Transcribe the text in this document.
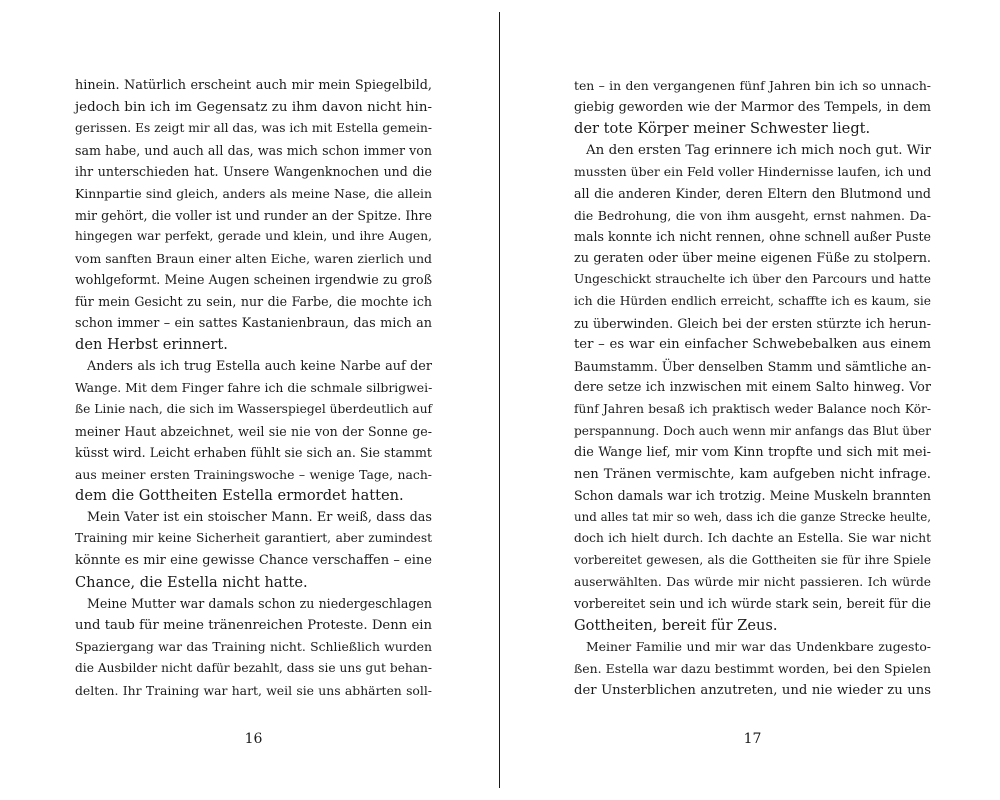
hinein. Natürlich erscheint auch mir mein Spiegelbild,
jedoch bin ich im Gegensatz zu ihm davon nicht hin-
gerissen. Es zeigt mir all das, was ich mit Estella gemein-
sam habe, und auch all das, was mich schon immer von
ihr unterschieden hat. Unsere Wangenknochen und die
Kinnpartie sind gleich, anders als meine Nase, die allein
mir gehört, die voller ist und runder an der Spitze. Ihre
hingegen war perfekt, gerade und klein, und ihre Augen,
vom sanften Braun einer alten Eiche, waren zierlich und
wohlgeformt. Meine Augen scheinen irgendwie zu groß
für mein Gesicht zu sein, nur die Farbe, die mochte ich
schon immer – ein sattes Kastanienbraun, das mich an
den Herbst erinnert.
Anders als ich trug Estella auch keine Narbe auf der
Wange. Mit dem Finger fahre ich die schmale silbrigwei-
ße Linie nach, die sich im Wasserspiegel überdeutlich auf
meiner Haut abzeichnet, weil sie nie von der Sonne ge-
küsst wird. Leicht erhaben fühlt sie sich an. Sie stammt
aus meiner ersten Trainingswoche – wenige Tage, nach-
dem die Gottheiten Estella ermordet hatten.
Mein Vater ist ein stoischer Mann. Er weiß, dass das
Training mir keine Sicherheit garantiert, aber zumindest
könnte es mir eine gewisse Chance verschaffen – eine
Chance, die Estella nicht hatte.
Meine Mutter war damals schon zu niedergeschlagen
und taub für meine tränenreichen Proteste. Denn ein
Spaziergang war das Training nicht. Schließlich wurden
die Ausbilder nicht dafür bezahlt, dass sie uns gut behan-
delten. Ihr Training war hart, weil sie uns abhärten soll-
ten – in den vergangenen fünf Jahren bin ich so unnach-
giebig geworden wie der Marmor des Tempels, in dem
der tote Körper meiner Schwester liegt.
An den ersten Tag erinnere ich mich noch gut. Wir
mussten über ein Feld voller Hindernisse laufen, ich und
all die anderen Kinder, deren Eltern den Blutmond und
die Bedrohung, die von ihm ausgeht, ernst nahmen. Da-
mals konnte ich nicht rennen, ohne schnell außer Puste
zu geraten oder über meine eigenen Füße zu stolpern.
Ungeschickt strauchelte ich über den Parcours und hatte
ich die Hürden endlich erreicht, schaffte ich es kaum, sie
zu überwinden. Gleich bei der ersten stürzte ich herun-
ter – es war ein einfacher Schwebebalken aus einem
Baumstamm. Über denselben Stamm und sämtliche an-
dere setze ich inzwischen mit einem Salto hinweg. Vor
fünf Jahren besaß ich praktisch weder Balance noch Kör-
perspannung. Doch auch wenn mir anfangs das Blut über
die Wange lief, mir vom Kinn tropfte und sich mit mei-
nen Tränen vermischte, kam aufgeben nicht infrage.
Schon damals war ich trotzig. Meine Muskeln brannten
und alles tat mir so weh, dass ich die ganze Strecke heulte,
doch ich hielt durch. Ich dachte an Estella. Sie war nicht
vorbereitet gewesen, als die Gottheiten sie für ihre Spiele
auserwählten. Das würde mir nicht passieren. Ich würde
vorbereitet sein und ich würde stark sein, bereit für die
Gottheiten, bereit für Zeus.
Meiner Familie und mir war das Undenkbare zugesto-
ßen. Estella war dazu bestimmt worden, bei den Spielen
der Unsterblichen anzutreten, und nie wieder zu uns
16	17
